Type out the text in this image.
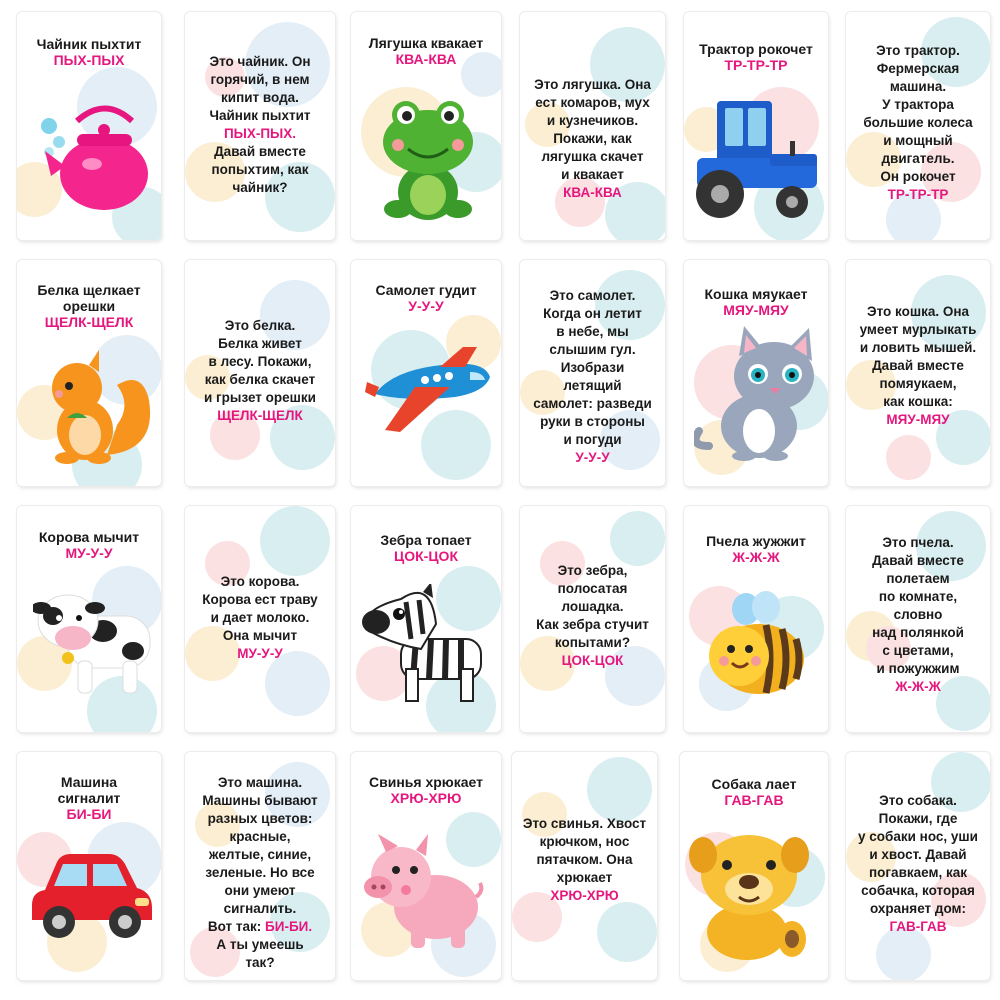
Чайник пыхтит
ПЫХ-ПЫХ	Это чайник. Он
горячий, в нем
кипит вода.
Чайник пыхтит
ПЫХ-ПЫХ.
Давай вместе
попыхтим, как
чайник?
Лягушка квакает
КВА-КВА
Это лягушка. Она
ест комаров, мух
и кузнечиков.
Покажи, как
лягушка скачет
и квакает
КВА-КВА
Трактор рокочет
ТР-ТР-ТР
Это трактор.
Фермерская
машина.
У трактора
большие колеса
и мощный
двигатель.
Он рокочет
ТР-ТР-ТР
Белка щелкает
орешки
ЩЕЛК-ЩЕЛК	Это белка.
Белка живет
в лесу. Покажи,
как белка скачет
и грызет орешки
ЩЕЛК-ЩЕЛК
Самолет гудит
У-У-У
Это самолет.
Когда он летит
в небе, мы
слышим гул.
Изобрази
летящий
самолет: разведи
руки в стороны
и погуди
У-У-У
Кошка мяукает
МЯУ-МЯУ	Это кошка. Она
умеет мурлыкать
и ловить мышей.
Давай вместе
помяукаем,
как кошка:
МЯУ-МЯУ
Корова мычит
МУ-У-У
Это корова.
Корова ест траву
и дает молоко.
Она мычит
МУ-У-У
Зебра топает
ЦОК-ЦОК
Это зебра,
полосатая
лошадка.
Как зебра стучит
копытами?
ЦОК-ЦОК
Пчела жужжит
Ж-Ж-Ж
Это пчела.
Давай вместе
полетаем
по комнате,
словно
над полянкой
с цветами,
и пожужжим
Ж-Ж-Ж
Машина
сигналит
БИ-БИ
Это машина.
Машины бывают
разных цветов:
красные,
желтые, синие,
зеленые. Но все
они умеют
сигналить.
Вот так: БИ-БИ.
А ты умеешь
так?
Свинья хрюкает
ХРЮ-ХРЮ
Это свинья. Хвост
крючком, нос
пятачком. Она
хрюкает
ХРЮ-ХРЮ
Собака лает
ГАВ-ГАВ	Это собака.
Покажи, где
у собаки нос, уши
и хвост. Давай
погавкаем, как
собачка, которая
охраняет дом:
ГАВ-ГАВ
